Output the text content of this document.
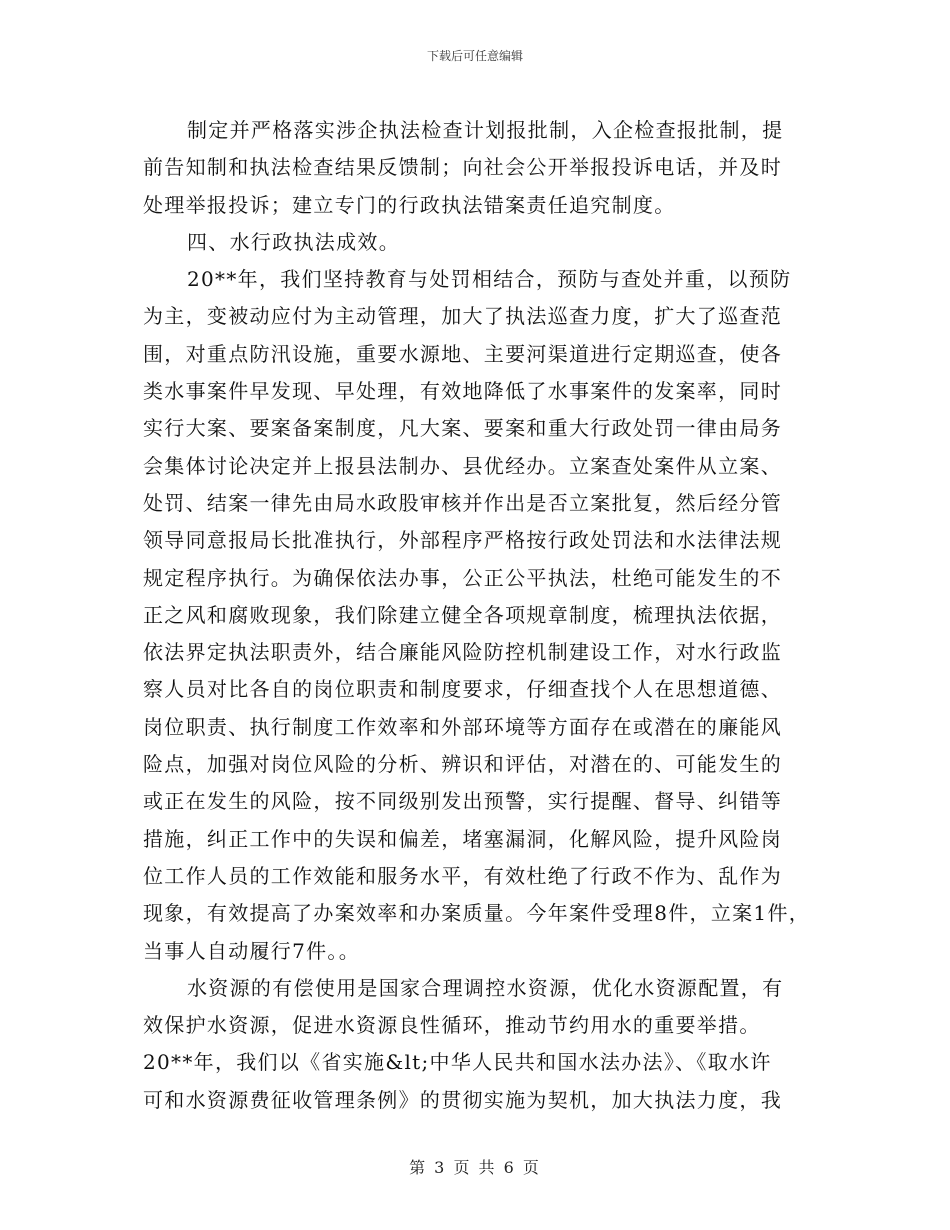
下载后可任意编辑
制定并严格落实涉企执法检查计划报批制，入企检查报批制，提
前告知制和执法检查结果反馈制；向社会公开举报投诉电话，并及时
处理举报投诉；建立专门的行政执法错案责任追究制度。
四、水行政执法成效。
20**年，我们坚持教育与处罚相结合，预防与查处并重，以预防
为主，变被动应付为主动管理，加大了执法巡查力度，扩大了巡查范
围，对重点防汛设施，重要水源地、主要河渠道进行定期巡查，使各
类水事案件早发现、早处理，有效地降低了水事案件的发案率，同时
实行大案、要案备案制度，凡大案、要案和重大行政处罚一律由局务
会集体讨论决定并上报县法制办、县优经办。立案查处案件从立案、
处罚、结案一律先由局水政股审核并作出是否立案批复，然后经分管
领导同意报局长批准执行，外部程序严格按行政处罚法和水法律法规
规定程序执行。为确保依法办事，公正公平执法，杜绝可能发生的不
正之风和腐败现象，我们除建立健全各项规章制度，梳理执法依据，
依法界定执法职责外，结合廉能风险防控机制建设工作，对水行政监
察人员对比各自的岗位职责和制度要求，仔细查找个人在思想道德、
岗位职责、执行制度工作效率和外部环境等方面存在或潜在的廉能风
险点，加强对岗位风险的分析、辨识和评估，对潜在的、可能发生的
或正在发生的风险，按不同级别发出预警，实行提醒、督导、纠错等
措施，纠正工作中的失误和偏差，堵塞漏洞，化解风险，提升风险岗
位工作人员的工作效能和服务水平，有效杜绝了行政不作为、乱作为
现象，有效提高了办案效率和办案质量。今年案件受理8件，立案1件，
当事人自动履行7件。。
水资源的有偿使用是国家合理调控水资源，优化水资源配置，有
效保护水资源，促进水资源良性循环，推动节约用水的重要举措。
20**年，我们以《省实施&lt;中华人民共和国水法办法》、《取水许
可和水资源费征收管理条例》的贯彻实施为契机，加大执法力度，我
第 3 页 共 6 页
